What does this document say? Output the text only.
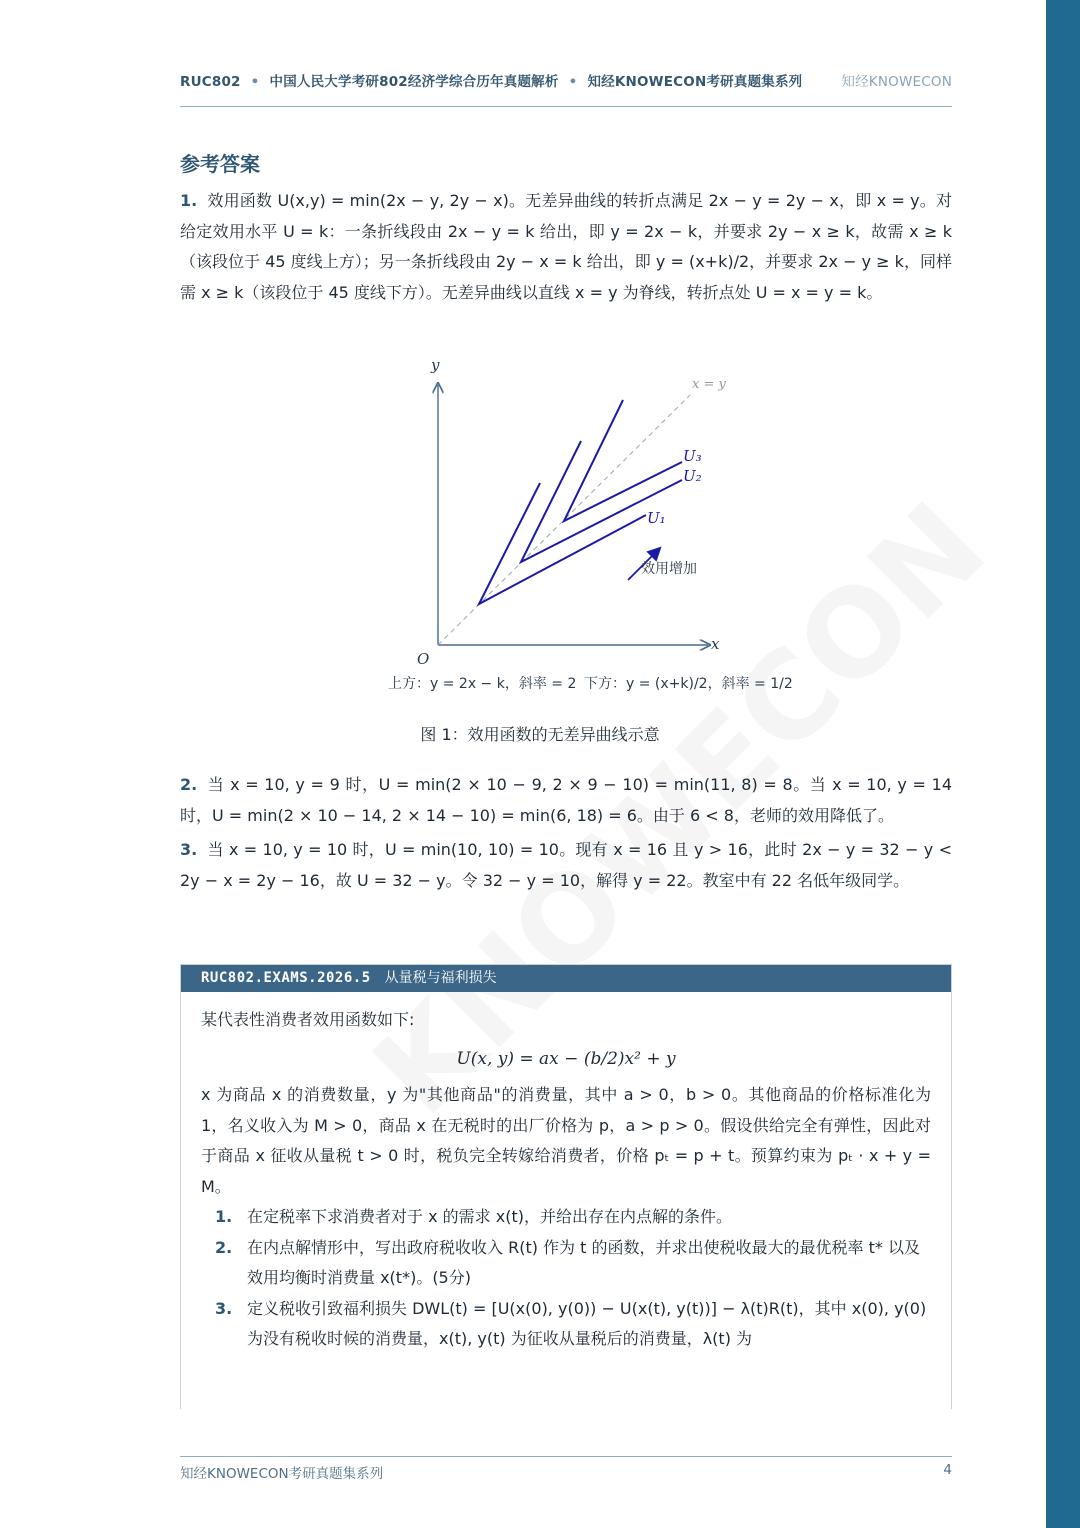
RUC802 • 中国人民大学考研802经济学综合历年真题解析 • 知经KNOWECON考研真题集系列	知经KNOWECON
参考答案
1. 效用函数 U(x,y) = min(2x − y, 2y − x)。无差异曲线的转折点满足 2x − y = 2y − x，即 x = y。对给定效用水平 U = k：一条折线段由 2x − y = k 给出，即 y = 2x − k，并要求 2y − x ≥ k，故需 x ≥ k（该段位于 45 度线上方）；另一条折线段由 2y − x = k 给出，即 y = (x+k)/2，并要求 2x − y ≥ k，同样需 x ≥ k（该段位于 45 度线下方）。无差异曲线以直线 x = y 为脊线，转折点处 U = x = y = k。
y
x
O
x = y
U₃
U₂
U₁
效用增加
上方：y = 2x − k，斜率 = 2 下方：y = (x+k)/2，斜率 = 1/2
图 1：效用函数的无差异曲线示意
2. 当 x = 10, y = 9 时，U = min(2 × 10 − 9, 2 × 9 − 10) = min(11, 8) = 8。当 x = 10, y = 14 时，U = min(2 × 10 − 14, 2 × 14 − 10) = min(6, 18) = 6。由于 6 < 8，老师的效用降低了。
3. 当 x = 10, y = 10 时，U = min(10, 10) = 10。现有 x = 16 且 y > 16，此时 2x − y = 32 − y < 2y − x = 2y − 16，故 U = 32 − y。令 32 − y = 10，解得 y = 22。教室中有 22 名低年级同学。
RUC802.EXAMS.2026.5 从量税与福利损失
某代表性消费者效用函数如下:
U(x, y) = ax − (b/2)x² + y
x 为商品 x 的消费数量，y 为"其他商品"的消费量，其中 a > 0，b > 0。其他商品的价格标准化为 1，名义收入为 M > 0，商品 x 在无税时的出厂价格为 p，a > p > 0。假设供给完全有弹性，因此对于商品 x 征收从量税 t > 0 时，税负完全转嫁给消费者，价格 pₜ = p + t。预算约束为 pₜ · x + y = M。
1. 在定税率下求消费者对于 x 的需求 x(t)，并给出存在内点解的条件。
2. 在内点解情形中，写出政府税收收入 R(t) 作为 t 的函数，并求出使税收最大的最优税率 t* 以及效用均衡时消费量 x(t*)。(5分)
3. 定义税收引致福利损失 DWL(t) = [U(x(0), y(0)) − U(x(t), y(t))] − λ(t)R(t)，其中 x(0), y(0) 为没有税收时候的消费量，x(t), y(t) 为征收从量税后的消费量，λ(t) 为
知经KNOWECON考研真题集系列	4
